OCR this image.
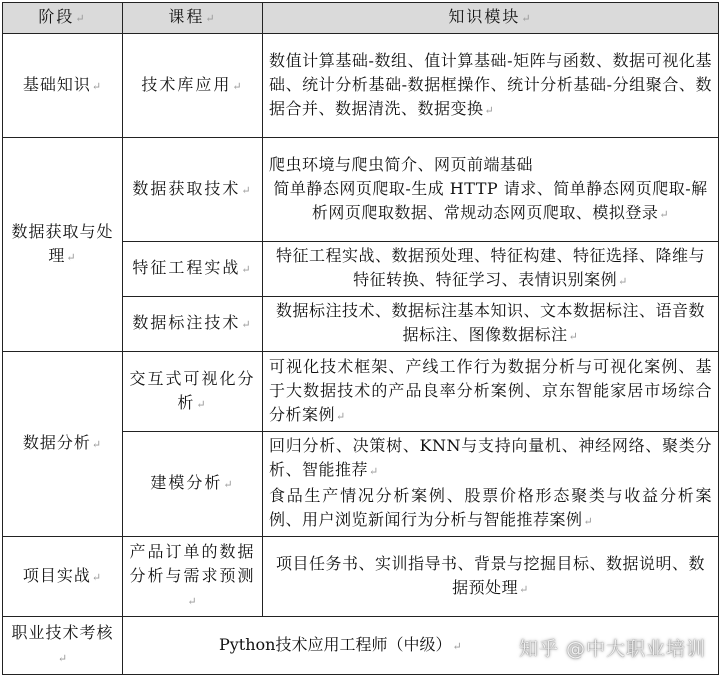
阶段↵	课程↵	知识模块↵
基础知识↵	技术库应用↵	数值计算基础-数组、值计算基础-矩阵与函数、数据可视化基础、统计分析基础-数据框操作、统计分析基础-分组聚合、数据合并、数据清洗、数据变换↵
数据获取与处理↵	数据获取技术↵	爬虫环境与爬虫简介、网页前端基础
简单静态网页爬取-生成 HTTP 请求、简单静态网页爬取-解析网页爬取数据、常规动态网页爬取、模拟登录↵

	特征工程实战↵	特征工程实战、数据预处理、特征构建、特征选择、降维与特征转换、特征学习、表情识别案例↵
	数据标注技术↵	数据标注技术、数据标注基本知识、文本数据标注、语音数据标注、图像数据标注↵
数据分析↵	交互式可视化分析↵	可视化技术框架、产线工作行为数据分析与可视化案例、基于大数据技术的产品良率分析案例、京东智能家居市场综合分析案例↵
	建模分析↵	回归分析、决策树、KNN与支持向量机、神经网络、聚类分析、智能推荐↵
食品生产情况分析案例、股票价格形态聚类与收益分析案例、用户浏览新闻行为分析与智能推荐案例↵

项目实战↵	产品订单的数据分析与需求预测↵	项目任务书、实训指导书、背景与挖掘目标、数据说明、数据预处理↵
职业技术考核↵	Python技术应用工程师（中级）↵		知乎 @中大职业培训
